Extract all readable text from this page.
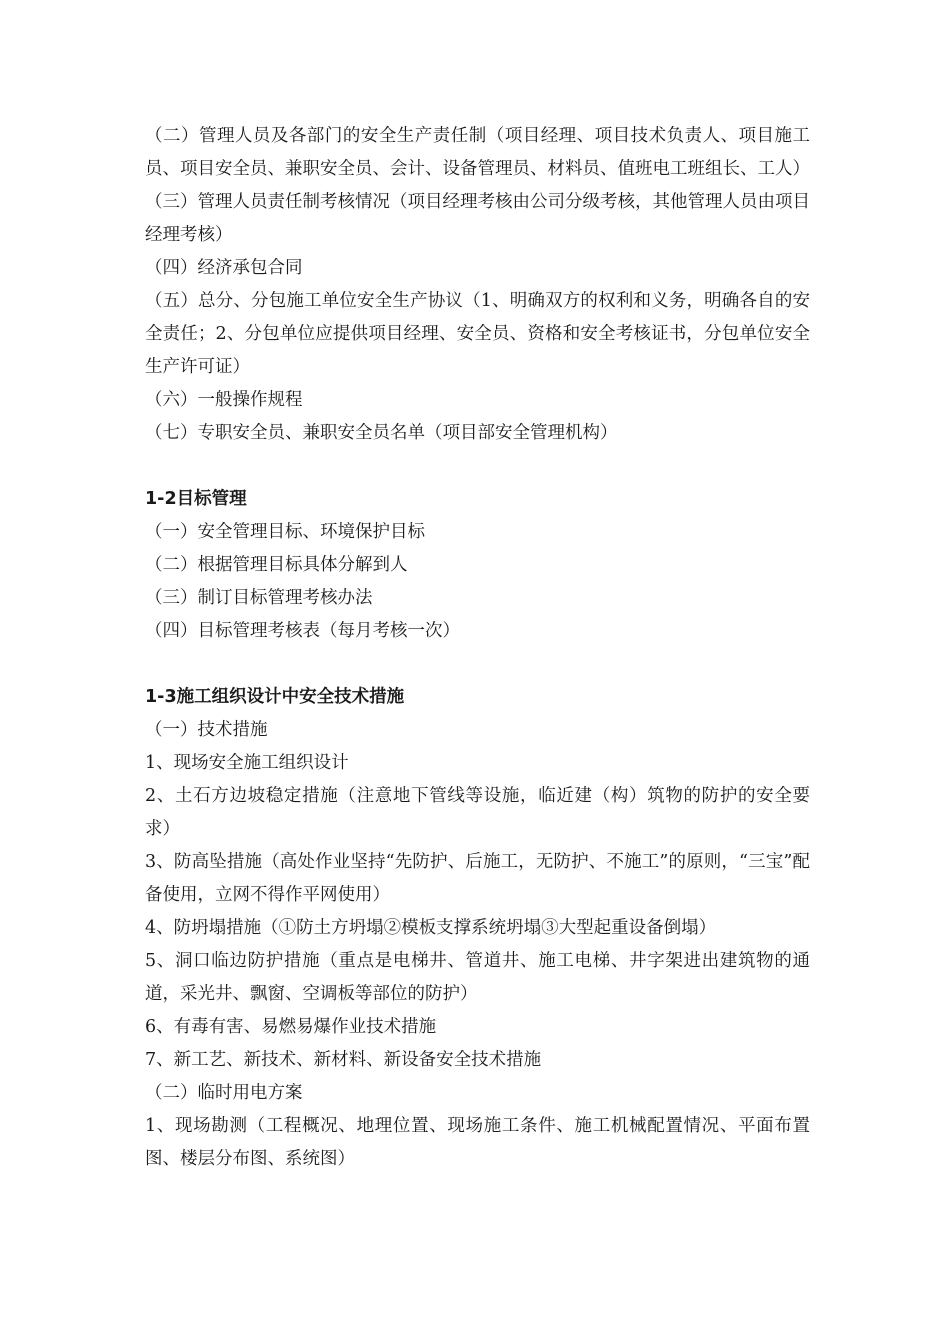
（二）管理人员及各部门的安全生产责任制（项目经理、项目技术负责人、项目施工员、项目安全员、兼职安全员、会计、设备管理员、材料员、值班电工班组长、工人）

（三）管理人员责任制考核情况（项目经理考核由公司分级考核，其他管理人员由项目经理考核）

（四）经济承包合同

（五）总分、分包施工单位安全生产协议（1、明确双方的权利和义务，明确各自的安全责任；2、分包单位应提供项目经理、安全员、资格和安全考核证书，分包单位安全生产许可证）

（六）一般操作规程

（七）专职安全员、兼职安全员名单（项目部安全管理机构）

1-2目标管理

（一）安全管理目标、环境保护目标

（二）根据管理目标具体分解到人

（三）制订目标管理考核办法

（四）目标管理考核表（每月考核一次）

1-3施工组织设计中安全技术措施

（一）技术措施

1、现场安全施工组织设计

2、土石方边坡稳定措施（注意地下管线等设施，临近建（构）筑物的防护的安全要求）

3、防高坠措施（高处作业坚持“先防护、后施工，无防护、不施工”的原则，“三宝”配备使用，立网不得作平网使用）

4、防坍塌措施（①防土方坍塌②模板支撑系统坍塌③大型起重设备倒塌）

5、洞口临边防护措施（重点是电梯井、管道井、施工电梯、井字架进出建筑物的通道，采光井、飘窗、空调板等部位的防护）

6、有毒有害、易燃易爆作业技术措施

7、新工艺、新技术、新材料、新设备安全技术措施

（二）临时用电方案

1、现场勘测（工程概况、地理位置、现场施工条件、施工机械配置情况、平面布置图、楼层分布图、系统图）
